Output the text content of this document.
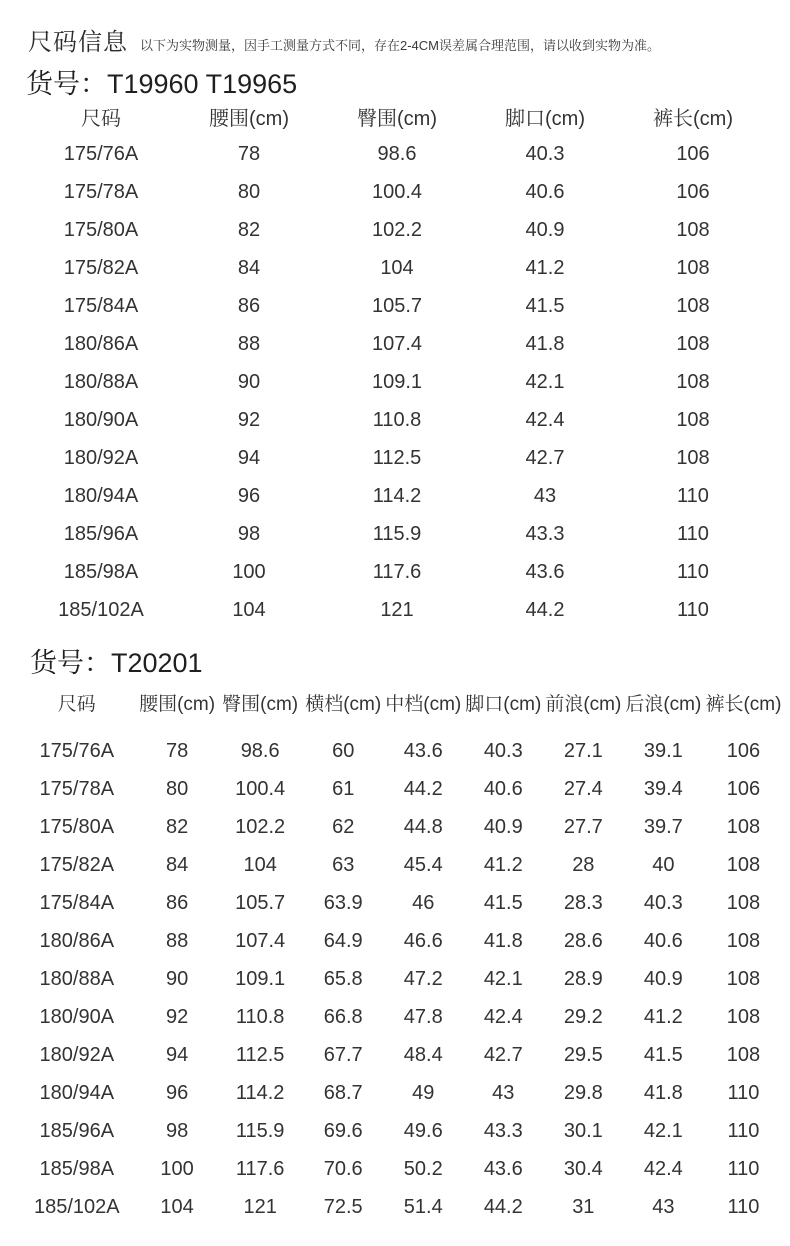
尺码信息 以下为实物测量，因手工测量方式不同，存在2-4CM误差属合理范围，请以收到实物为准。
货号：T19960 T19965
尺码	腰围(cm)	臀围(cm)	脚口(cm)	裤长(cm)
175/76A	78	98.6	40.3	106
175/78A	80	100.4	40.6	106
175/80A	82	102.2	40.9	108
175/82A	84	104	41.2	108
175/84A	86	105.7	41.5	108
180/86A	88	107.4	41.8	108
180/88A	90	109.1	42.1	108
180/90A	92	110.8	42.4	108
180/92A	94	112.5	42.7	108
180/94A	96	114.2	43	110
185/96A	98	115.9	43.3	110
185/98A	100	117.6	43.6	110
185/102A	104	121	44.2	110
货号：T20201
尺码	腰围(cm)	臀围(cm)	横档(cm)	中档(cm)	脚口(cm)	前浪(cm)	后浪(cm)	裤长(cm)
175/76A	78	98.6	60	43.6	40.3	27.1	39.1	106
175/78A	80	100.4	61	44.2	40.6	27.4	39.4	106
175/80A	82	102.2	62	44.8	40.9	27.7	39.7	108
175/82A	84	104	63	45.4	41.2	28	40	108
175/84A	86	105.7	63.9	46	41.5	28.3	40.3	108
180/86A	88	107.4	64.9	46.6	41.8	28.6	40.6	108
180/88A	90	109.1	65.8	47.2	42.1	28.9	40.9	108
180/90A	92	110.8	66.8	47.8	42.4	29.2	41.2	108
180/92A	94	112.5	67.7	48.4	42.7	29.5	41.5	108
180/94A	96	114.2	68.7	49	43	29.8	41.8	110
185/96A	98	115.9	69.6	49.6	43.3	30.1	42.1	110
185/98A	100	117.6	70.6	50.2	43.6	30.4	42.4	110
185/102A	104	121	72.5	51.4	44.2	31	43	110
